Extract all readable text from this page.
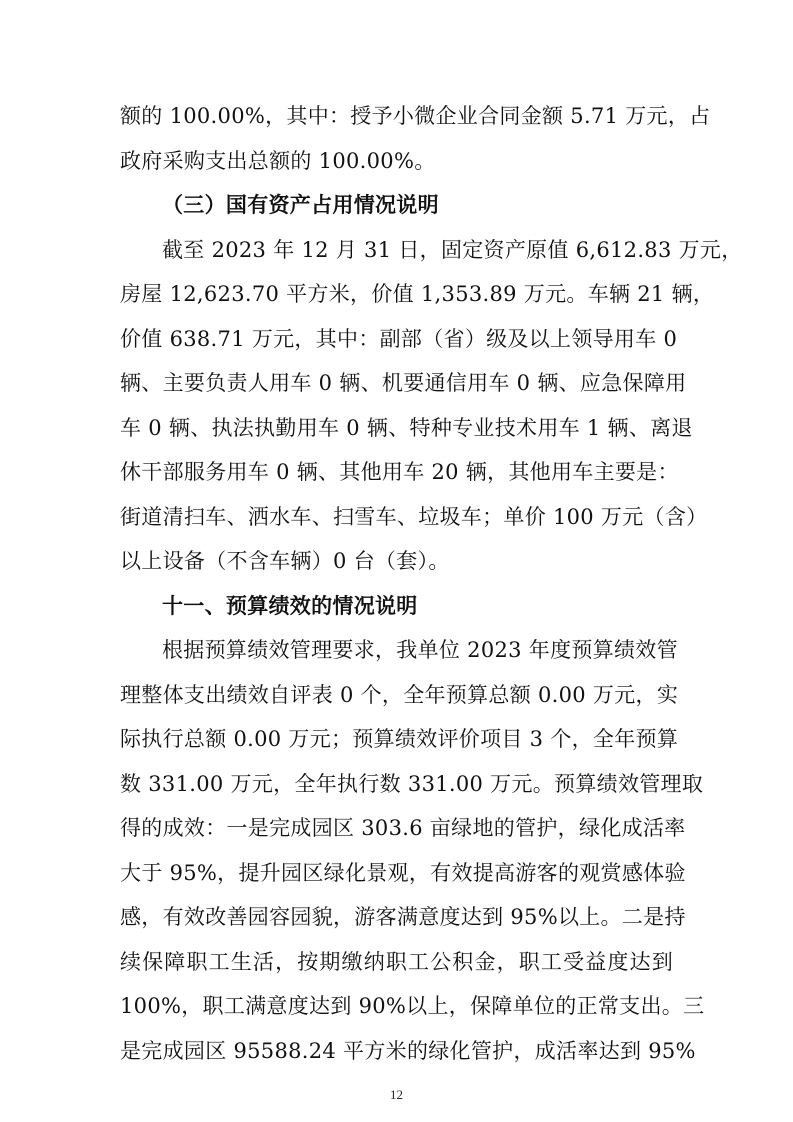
额的 100.00%，其中：授予小微企业合同金额 5.71 万元，占
政府采购支出总额的 100.00%。
（三）国有资产占用情况说明
截至 2023 年 12 月 31 日，固定资产原值 6,612.83 万元，
房屋 12,623.70 平方米，价值 1,353.89 万元。车辆 21 辆，
价值 638.71 万元，其中：副部（省）级及以上领导用车 0
辆、主要负责人用车 0 辆、机要通信用车 0 辆、应急保障用
车 0 辆、执法执勤用车 0 辆、特种专业技术用车 1 辆、离退
休干部服务用车 0 辆、其他用车 20 辆，其他用车主要是：
街道清扫车、洒水车、扫雪车、垃圾车；单价 100 万元（含）
以上设备（不含车辆）0 台（套）。
十一、预算绩效的情况说明
根据预算绩效管理要求，我单位 2023 年度预算绩效管
理整体支出绩效自评表 0 个，全年预算总额 0.00 万元，实
际执行总额 0.00 万元；预算绩效评价项目 3 个，全年预算
数 331.00 万元，全年执行数 331.00 万元。预算绩效管理取
得的成效：一是完成园区 303.6 亩绿地的管护，绿化成活率
大于 95%，提升园区绿化景观，有效提高游客的观赏感体验
感，有效改善园容园貌，游客满意度达到 95%以上。二是持
续保障职工生活，按期缴纳职工公积金，职工受益度达到
100%，职工满意度达到 90%以上，保障单位的正常支出。三
是完成园区 95588.24 平方米的绿化管护，成活率达到 95%
12
